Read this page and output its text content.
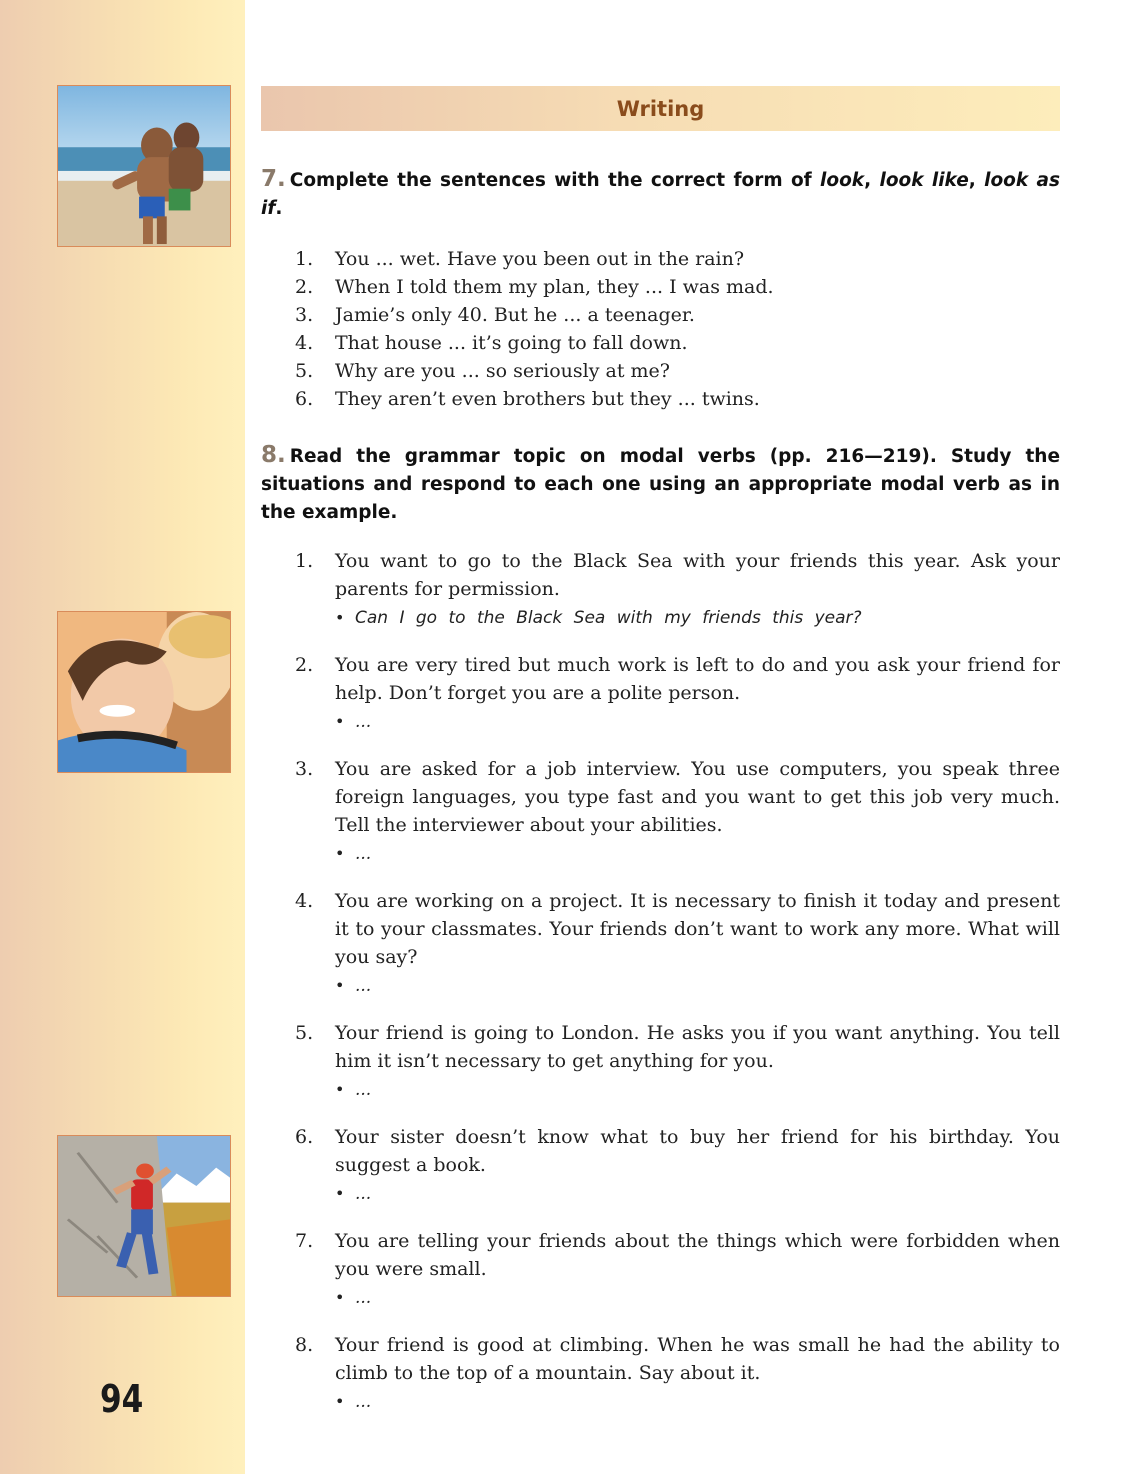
94
Writing

7. Complete the sentences with the correct form of look, look like, look as if.

1. You ... wet. Have you been out in the rain?
2. When I told them my plan, they ... I was mad.
3. Jamie’s only 40. But he ... a teenager.
4. That house ... it’s going to fall down.
5. Why are you ... so seriously at me?
6. They aren’t even brothers but they ... twins.

8. Read the grammar topic on modal verbs (pp. 216—219). Study the situations and respond to each one using an appropriate modal verb as in the example.

1. You want to go to the Black Sea with your friends this year. Ask your parents for permission.

• Can I go to the Black Sea with my friends this year?
2. You are very tired but much work is left to do and you ask your friend for help. Don’t forget you are a polite person.

• ...
3. You are asked for a job interview. You use computers, you speak three foreign languages, you type fast and you want to get this job very much. Tell the interviewer about your abilities.

• ...
4. You are working on a project. It is necessary to finish it today and present it to your classmates. Your friends don’t want to work any more. What will you say?

• ...
5. Your friend is going to London. He asks you if you want anything. You tell him it isn’t necessary to get anything for you.

• ...
6. Your sister doesn’t know what to buy her friend for his birthday. You suggest a book.

• ...
7. You are telling your friends about the things which were forbidden when you were small.

• ...
8. Your friend is good at climbing. When he was small he had the ability to climb to the top of a mountain. Say about it.

• ...
